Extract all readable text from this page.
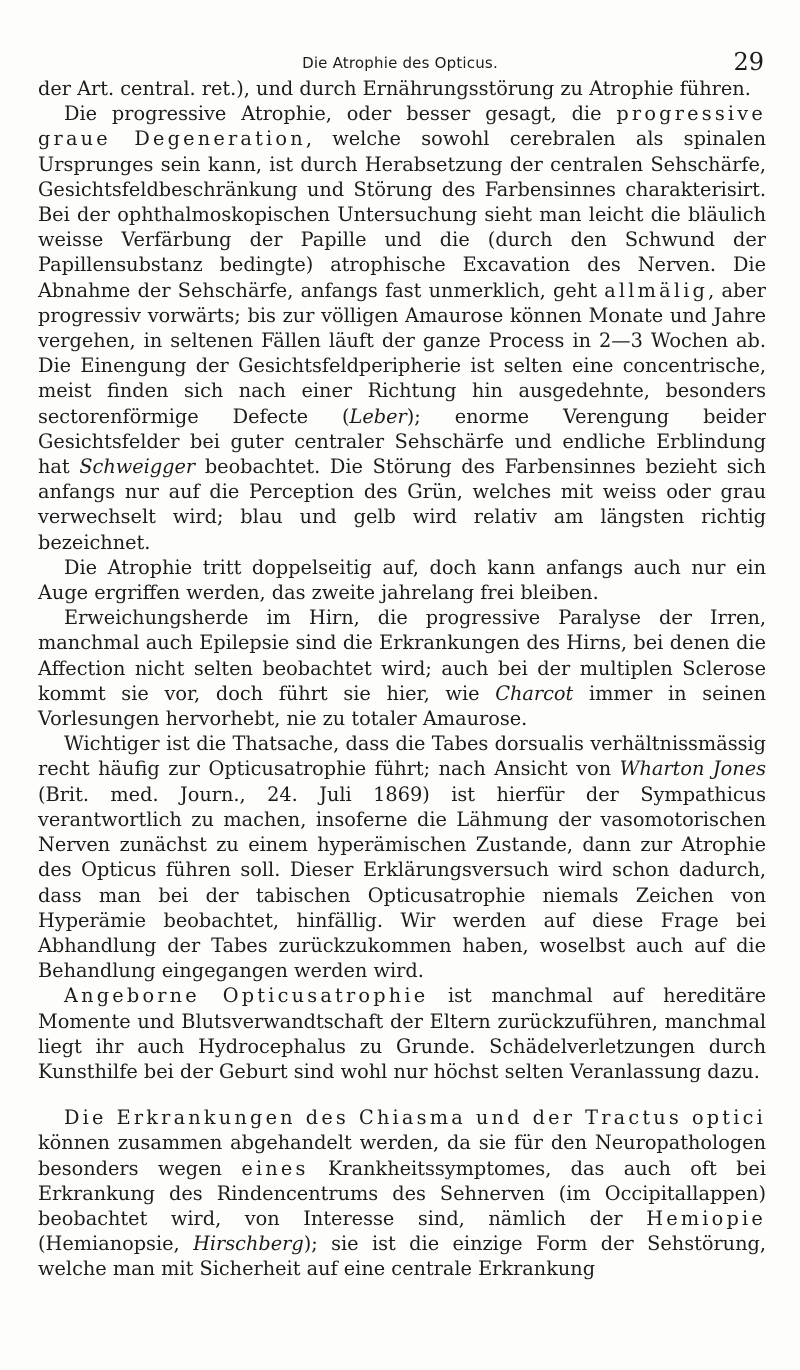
Die Atrophie des Opticus.	29

der Art. central. ret.), und durch Ernährungsstörung zu Atrophie führen.

Die progressive Atrophie, oder besser gesagt, die progressive graue Degeneration, welche sowohl cerebralen als spinalen Ursprunges sein kann, ist durch Herabsetzung der centralen Sehschärfe, Gesichtsfeldbeschränkung und Störung des Farbensinnes charakterisirt. Bei der ophthalmoskopischen Untersuchung sieht man leicht die bläulich weisse Verfärbung der Papille und die (durch den Schwund der Papillensubstanz bedingte) atrophische Excavation des Nerven. Die Abnahme der Sehschärfe, anfangs fast unmerklich, geht allmälig, aber progressiv vorwärts; bis zur völligen Amaurose können Monate und Jahre vergehen, in seltenen Fällen läuft der ganze Process in 2—3 Wochen ab. Die Einengung der Gesichtsfeldperipherie ist selten eine concentrische, meist finden sich nach einer Richtung hin ausgedehnte, besonders sectorenförmige Defecte (Leber); enorme Verengung beider Gesichtsfelder bei guter centraler Sehschärfe und endliche Erblindung hat Schweigger beobachtet. Die Störung des Farbensinnes bezieht sich anfangs nur auf die Perception des Grün, welches mit weiss oder grau verwechselt wird; blau und gelb wird relativ am längsten richtig bezeichnet.

Die Atrophie tritt doppelseitig auf, doch kann anfangs auch nur ein Auge ergriffen werden, das zweite jahrelang frei bleiben.

Erweichungsherde im Hirn, die progressive Paralyse der Irren, manchmal auch Epilepsie sind die Erkrankungen des Hirns, bei denen die Affection nicht selten beobachtet wird; auch bei der multiplen Sclerose kommt sie vor, doch führt sie hier, wie Charcot immer in seinen Vorlesungen hervorhebt, nie zu totaler Amaurose.

Wichtiger ist die Thatsache, dass die Tabes dorsualis verhältnissmässig recht häufig zur Opticusatrophie führt; nach Ansicht von Wharton Jones (Brit. med. Journ., 24. Juli 1869) ist hierfür der Sympathicus verantwortlich zu machen, insoferne die Lähmung der vasomotorischen Nerven zunächst zu einem hyperämischen Zustande, dann zur Atrophie des Opticus führen soll. Dieser Erklärungsversuch wird schon dadurch, dass man bei der tabischen Opticusatrophie niemals Zeichen von Hyperämie beobachtet, hinfällig. Wir werden auf diese Frage bei Abhandlung der Tabes zurückzukommen haben, woselbst auch auf die Behandlung eingegangen werden wird.

Angeborne Opticusatrophie ist manchmal auf hereditäre Momente und Blutsverwandtschaft der Eltern zurückzuführen, manchmal liegt ihr auch Hydrocephalus zu Grunde. Schädelverletzungen durch Kunsthilfe bei der Geburt sind wohl nur höchst selten Veranlassung dazu.

Die Erkrankungen des Chiasma und der Tractus optici können zusammen abgehandelt werden, da sie für den Neuropathologen besonders wegen eines Krankheitssymptomes, das auch oft bei Erkrankung des Rindencentrums des Sehnerven (im Occipitallappen) beobachtet wird, von Interesse sind, nämlich der Hemiopie (Hemianopsie, Hirschberg); sie ist die einzige Form der Sehstörung, welche man mit Sicherheit auf eine centrale Erkrankung
